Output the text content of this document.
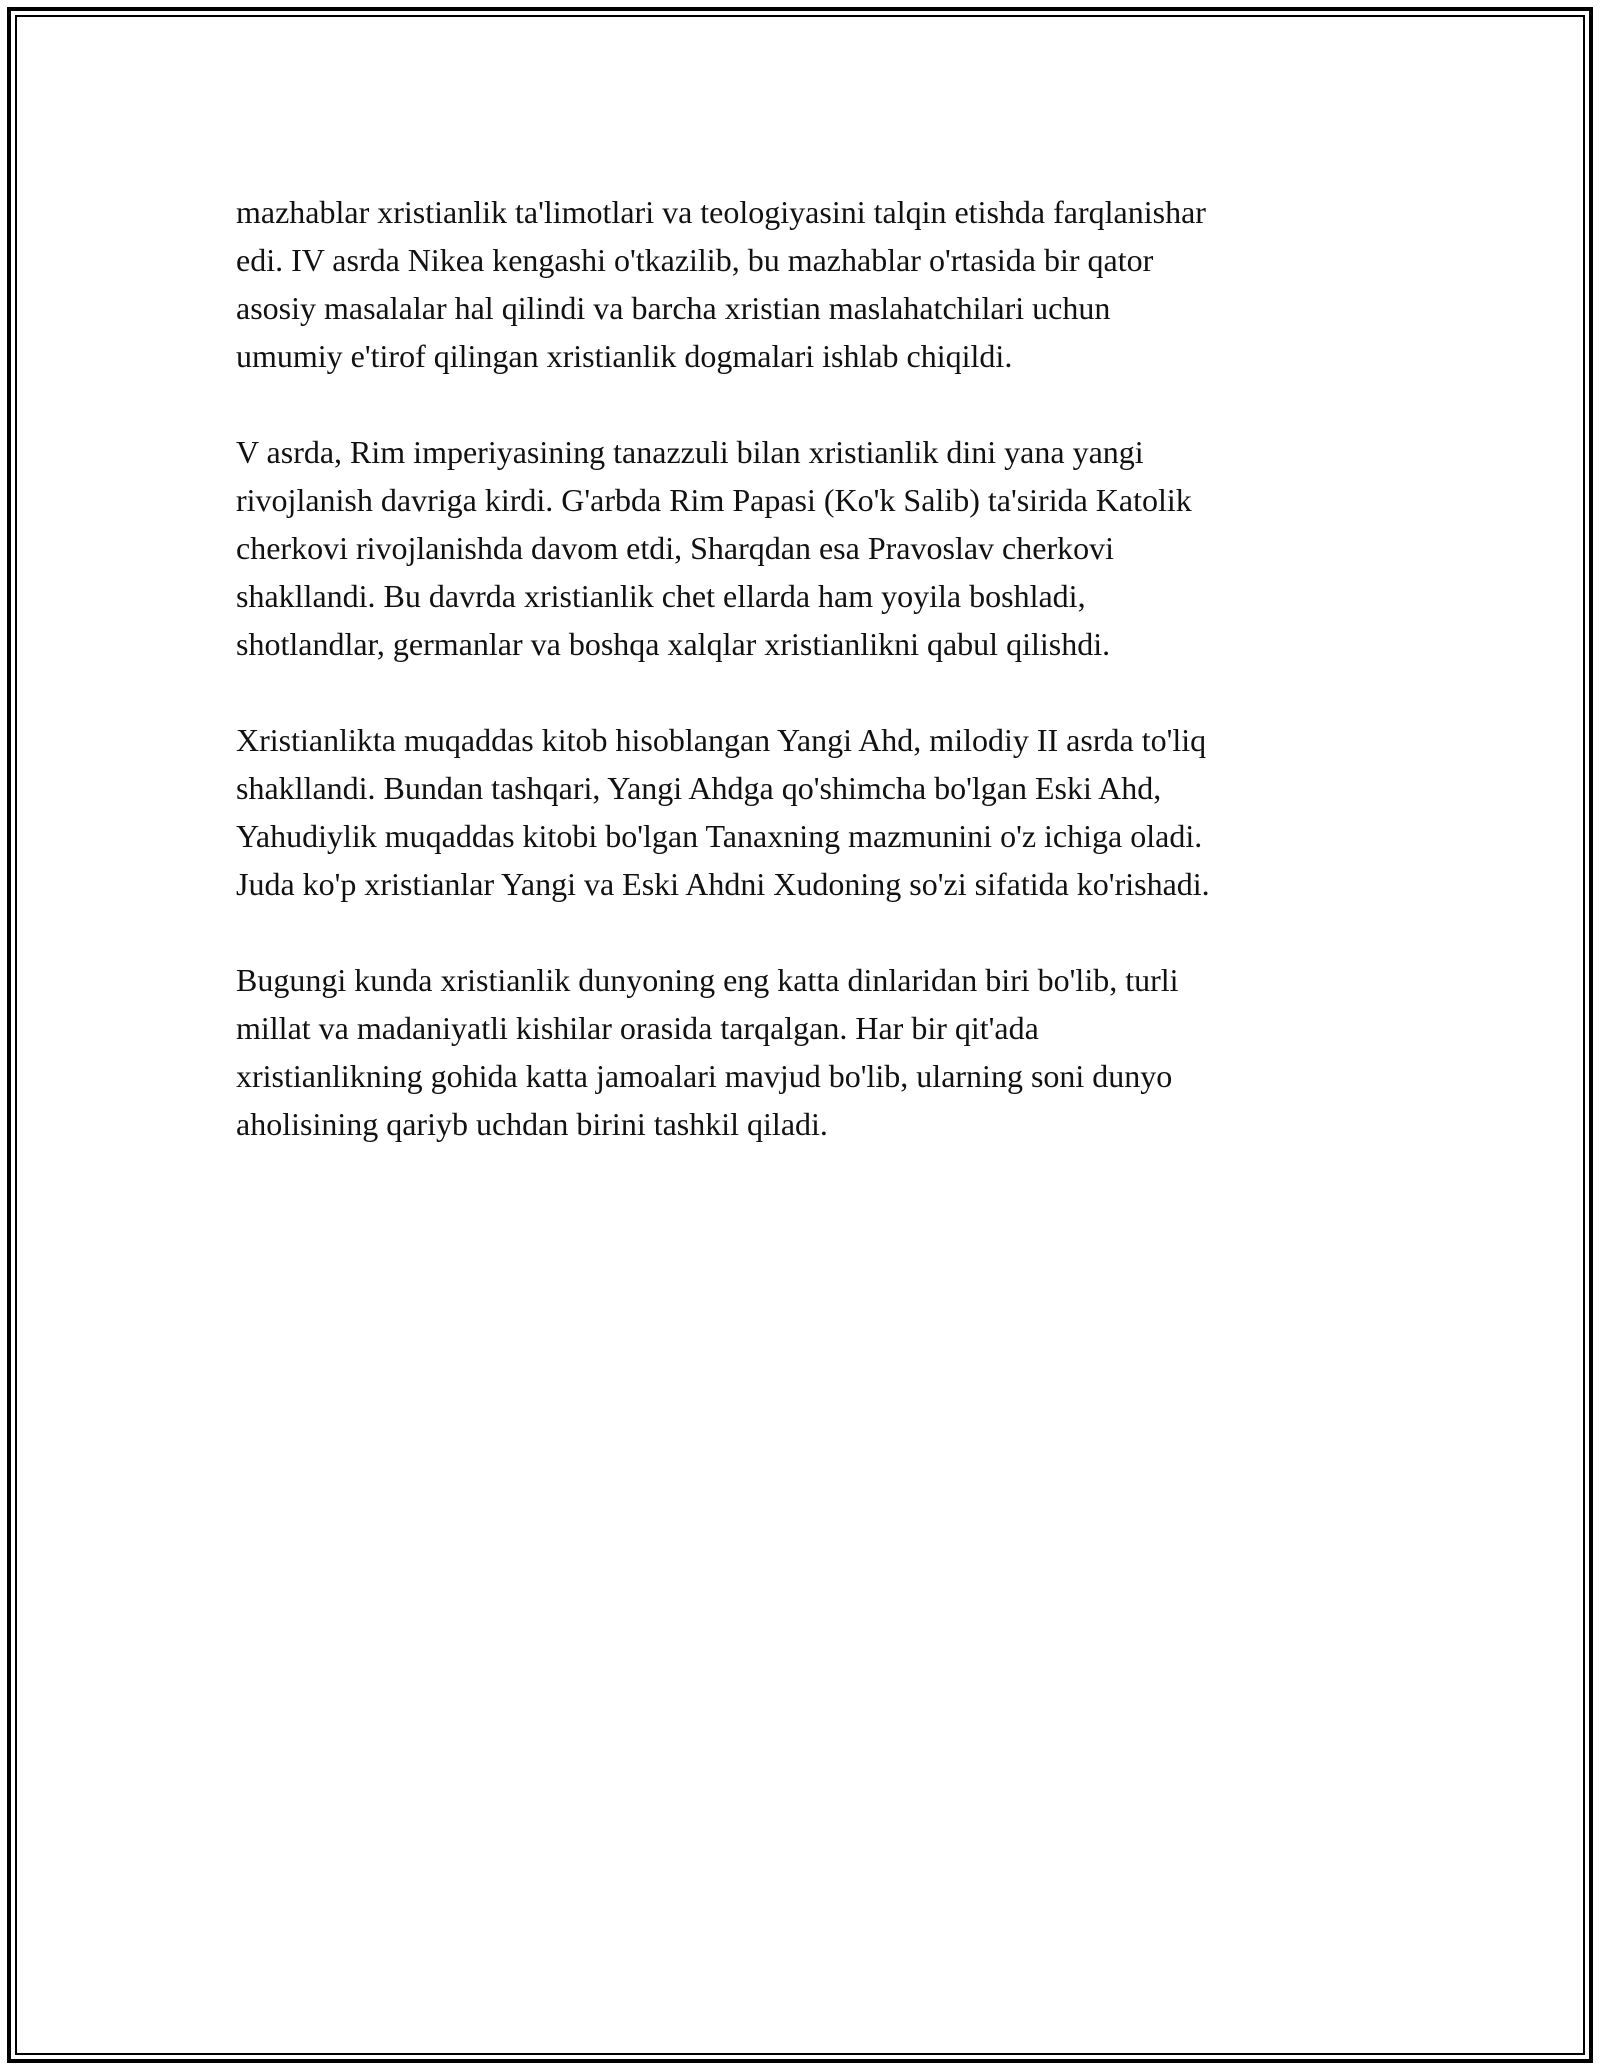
mazhablar xristianlik ta'limotlari va teologiyasini talqin etishda farqlanishar
edi. IV asrda Nikea kengashi o'tkazilib, bu mazhablar o'rtasida bir qator
asosiy masalalar hal qilindi va barcha xristian maslahatchilari uchun
umumiy e'tirof qilingan xristianlik dogmalari ishlab chiqildi.

V asrda, Rim imperiyasining tanazzuli bilan xristianlik dini yana yangi
rivojlanish davriga kirdi. G'arbda Rim Papasi (Ko'k Salib) ta'sirida Katolik
cherkovi rivojlanishda davom etdi, Sharqdan esa Pravoslav cherkovi
shakllandi. Bu davrda xristianlik chet ellarda ham yoyila boshladi,
shotlandlar, germanlar va boshqa xalqlar xristianlikni qabul qilishdi.

Xristianlikta muqaddas kitob hisoblangan Yangi Ahd, milodiy II asrda to'liq
shakllandi. Bundan tashqari, Yangi Ahdga qo'shimcha bo'lgan Eski Ahd,
Yahudiylik muqaddas kitobi bo'lgan Tanaxning mazmunini o'z ichiga oladi.
Juda ko'p xristianlar Yangi va Eski Ahdni Xudoning so'zi sifatida ko'rishadi.

Bugungi kunda xristianlik dunyoning eng katta dinlaridan biri bo'lib, turli
millat va madaniyatli kishilar orasida tarqalgan. Har bir qit'ada
xristianlikning gohida katta jamoalari mavjud bo'lib, ularning soni dunyo
aholisining qariyb uchdan birini tashkil qiladi.
